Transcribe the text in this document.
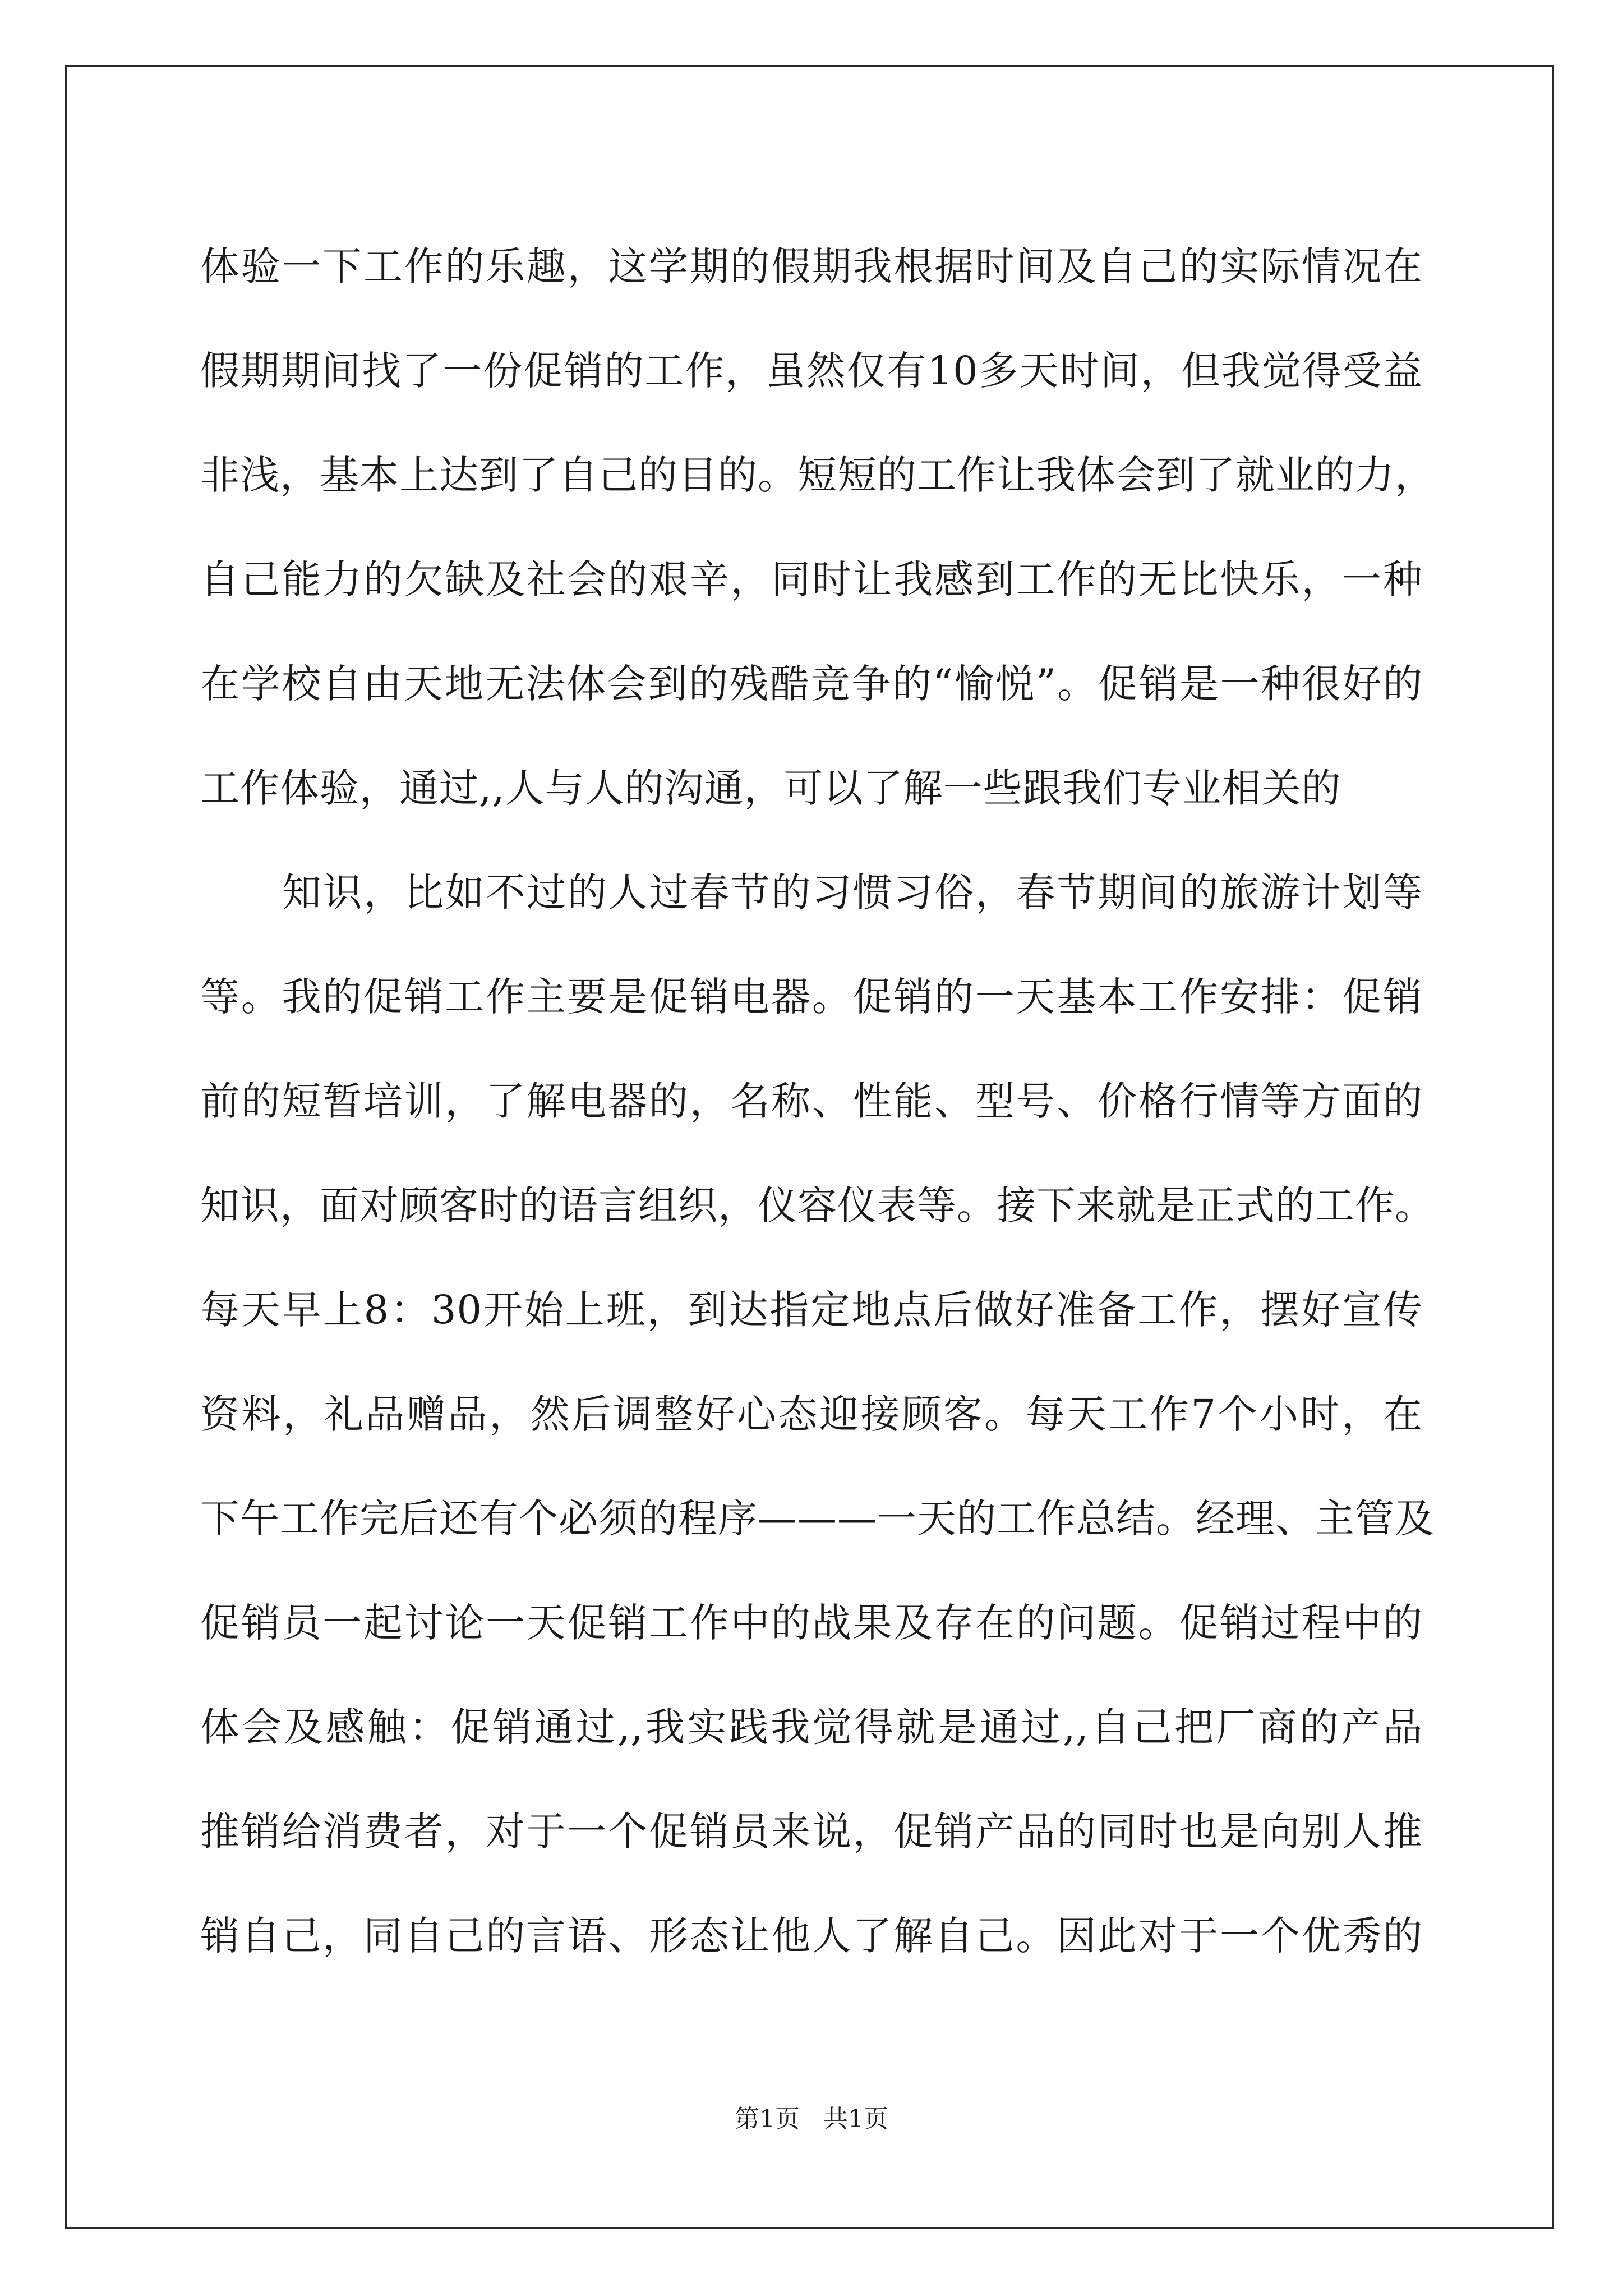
体验一下工作的乐趣，这学期的假期我根据时间及自己的实际情况在
假期期间找了一份促销的工作，虽然仅有10多天时间，但我觉得受益
非浅，基本上达到了自己的目的。短短的工作让我体会到了就业的力，
自己能力的欠缺及社会的艰辛，同时让我感到工作的无比快乐，一种
在学校自由天地无法体会到的残酷竞争的“愉悦”。促销是一种很好的
工作体验，通过,,人与人的沟通，可以了解一些跟我们专业相关的
知识，比如不过的人过春节的习惯习俗，春节期间的旅游计划等
等。我的促销工作主要是促销电器。促销的一天基本工作安排：促销
前的短暂培训，了解电器的，名称、性能、型号、价格行情等方面的
知识，面对顾客时的语言组织，仪容仪表等。接下来就是正式的工作。
每天早上8：30开始上班，到达指定地点后做好准备工作，摆好宣传
资料，礼品赠品，然后调整好心态迎接顾客。每天工作7个小时，在
下午工作完后还有个必须的程序———一天的工作总结。经理、主管及
促销员一起讨论一天促销工作中的战果及存在的问题。促销过程中的
体会及感触：促销通过,,我实践我觉得就是通过,,自己把厂商的产品
推销给消费者，对于一个促销员来说，促销产品的同时也是向别人推
销自己，同自己的言语、形态让他人了解自己。因此对于一个优秀的
第1页 共1页
